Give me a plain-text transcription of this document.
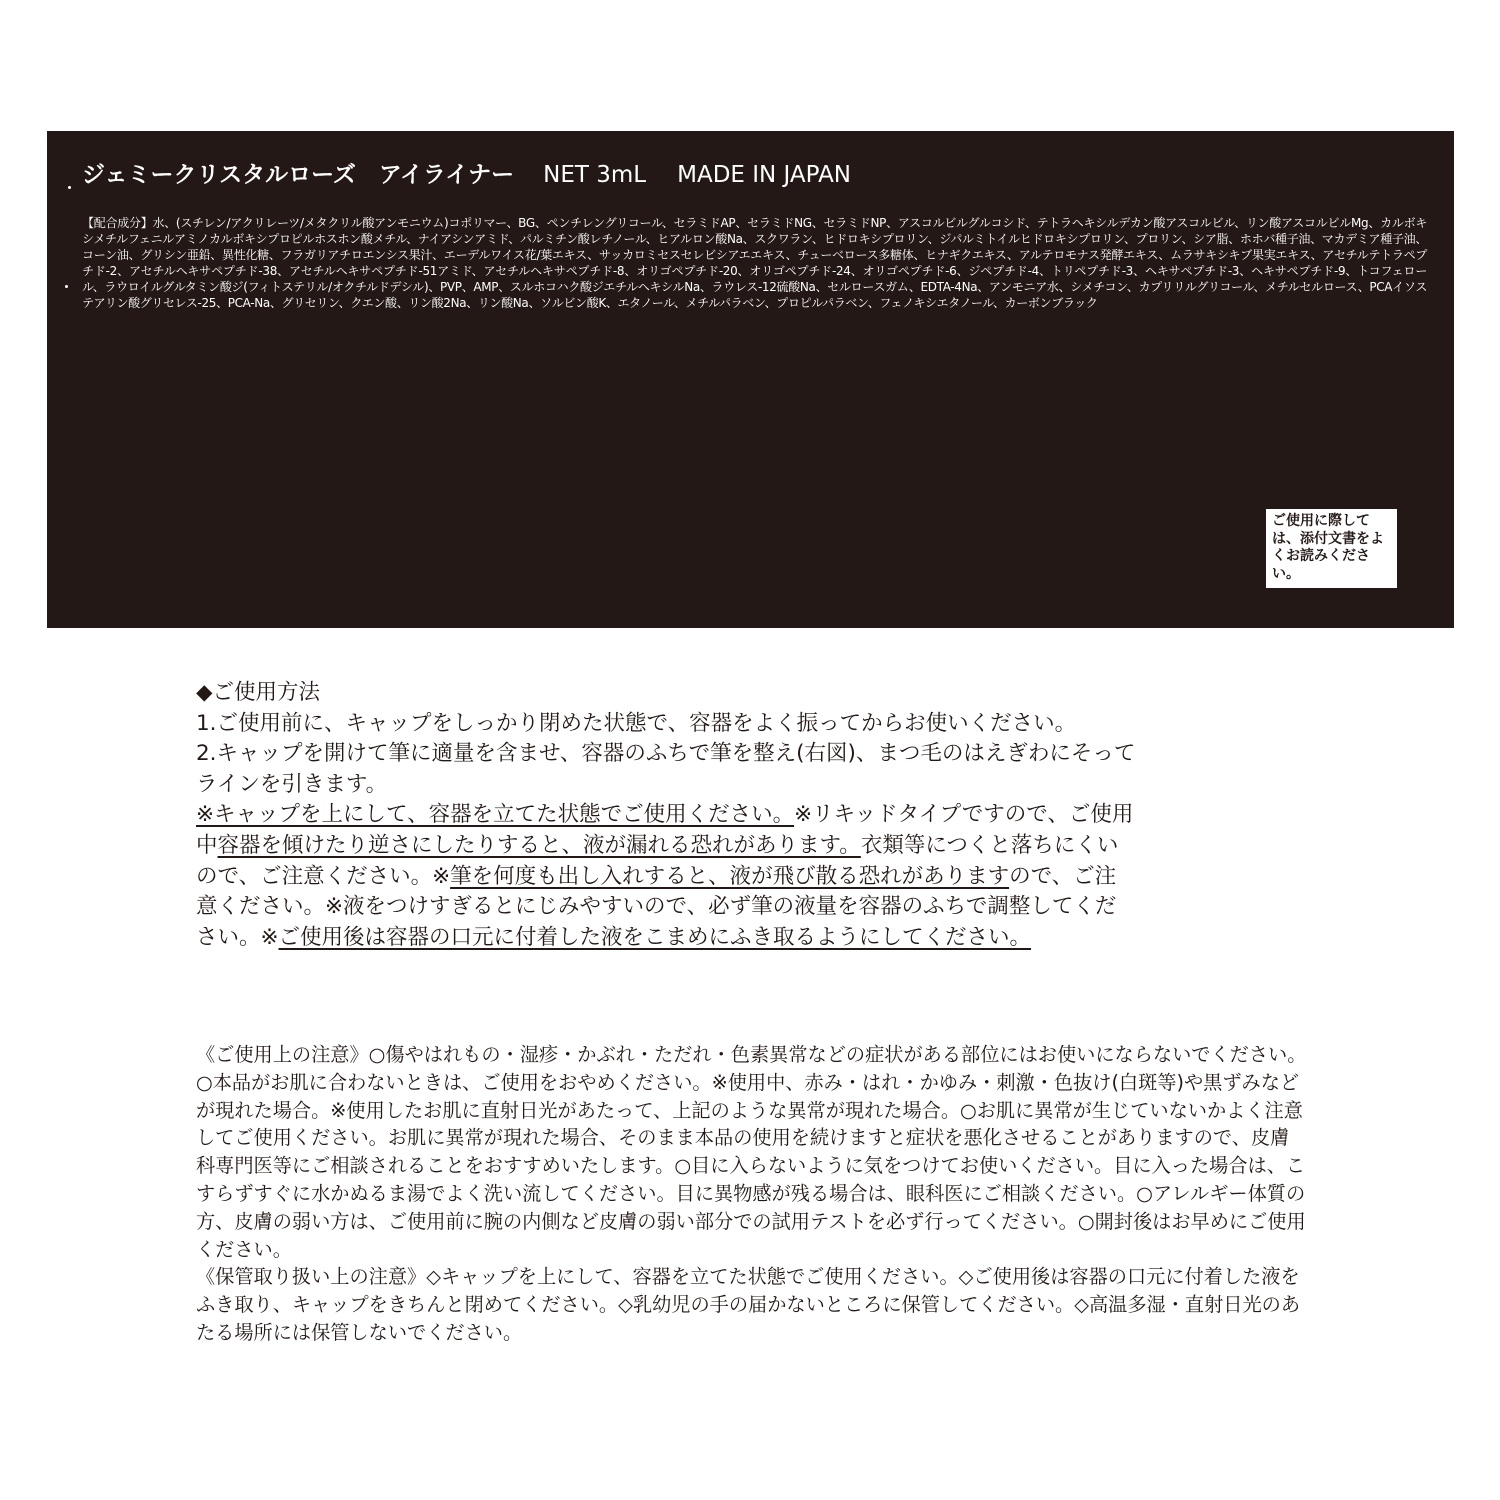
ジェミークリスタルローズ　アイライナー NET 3mL MADE IN JAPAN
【配合成分】水、(スチレン/アクリレーツ/メタクリル酸アンモニウム)コポリマー、BG、ペンチレングリコール、セラミドAP、セラミドNG、セラミドNP、アスコルビルグルコシド、テトラヘキシルデカン酸アスコルビル、リン酸アスコルビルMg、カルボキシメチルフェニルアミノカルボキシプロピルホスホン酸メチル、ナイアシンアミド、パルミチン酸レチノール、ヒアルロン酸Na、スクワラン、ヒドロキシプロリン、ジパルミトイルヒドロキシプロリン、プロリン、シア脂、ホホバ種子油、マカデミア種子油、コーン油、グリシン亜鉛、異性化糖、フラガリアチロエンシス果汁、エーデルワイス花/葉エキス、サッカロミセスセレビシアエエキス、チューベロース多糖体、ヒナギクエキス、アルテロモナス発酵エキス、ムラサキシキブ果実エキス、アセチルテトラペプチド-2、アセチルヘキサペプチド-38、アセチルヘキサペプチド-51アミド、アセチルヘキサペプチド-8、オリゴペプチド-20、オリゴペプチド-24、オリゴペプチド-6、ジペプチド-4、トリペプチド-3、ヘキサペプチド-3、ヘキサペプチド-9、トコフェロール、ラウロイルグルタミン酸ジ(フィトステリル/オクチルドデシル)、PVP、AMP、スルホコハク酸ジエチルヘキシルNa、ラウレス-12硫酸Na、セルロースガム、EDTA-4Na、アンモニア水、シメチコン、カプリリルグリコール、メチルセルロース、PCAイソステアリン酸グリセレス-25、PCA-Na、グリセリン、クエン酸、リン酸2Na、リン酸Na、ソルビン酸K、エタノール、メチルパラベン、プロピルパラベン、フェノキシエタノール、カーボンブラック
ご使用に際しては、添付文書をよくお読みください。

◆ご使用方法

1.ご使用前に、キャップをしっかり閉めた状態で、容器をよく振ってからお使いください。

2.キャップを開けて筆に適量を含ませ、容器のふちで筆を整え(右図)、まつ毛のはえぎわにそってラインを引きます。

※キャップを上にして、容器を立てた状態でご使用ください。※リキッドタイプですので、ご使用中容器を傾けたり逆さにしたりすると、液が漏れる恐れがあります。衣類等につくと落ちにくいので、ご注意ください。※筆を何度も出し入れすると、液が飛び散る恐れがありますので、ご注意ください。※液をつけすぎるとにじみやすいので、必ず筆の液量を容器のふちで調整してください。※ご使用後は容器の口元に付着した液をこまめにふき取るようにしてください。

《ご使用上の注意》○傷やはれもの・湿疹・かぶれ・ただれ・色素異常などの症状がある部位にはお使いにならないでください。○本品がお肌に合わないときは、ご使用をおやめください。※使用中、赤み・はれ・かゆみ・刺激・色抜け(白斑等)や黒ずみなどが現れた場合。※使用したお肌に直射日光があたって、上記のような異常が現れた場合。○お肌に異常が生じていないかよく注意してご使用ください。お肌に異常が現れた場合、そのまま本品の使用を続けますと症状を悪化させることがありますので、皮膚科専門医等にご相談されることをおすすめいたします。○目に入らないように気をつけてお使いください。目に入った場合は、こすらずすぐに水かぬるま湯でよく洗い流してください。目に異物感が残る場合は、眼科医にご相談ください。○アレルギー体質の方、皮膚の弱い方は、ご使用前に腕の内側など皮膚の弱い部分での試用テストを必ず行ってください。○開封後はお早めにご使用ください。

《保管取り扱い上の注意》◇キャップを上にして、容器を立てた状態でご使用ください。◇ご使用後は容器の口元に付着した液をふき取り、キャップをきちんと閉めてください。◇乳幼児の手の届かないところに保管してください。◇高温多湿・直射日光のあたる場所には保管しないでください。
